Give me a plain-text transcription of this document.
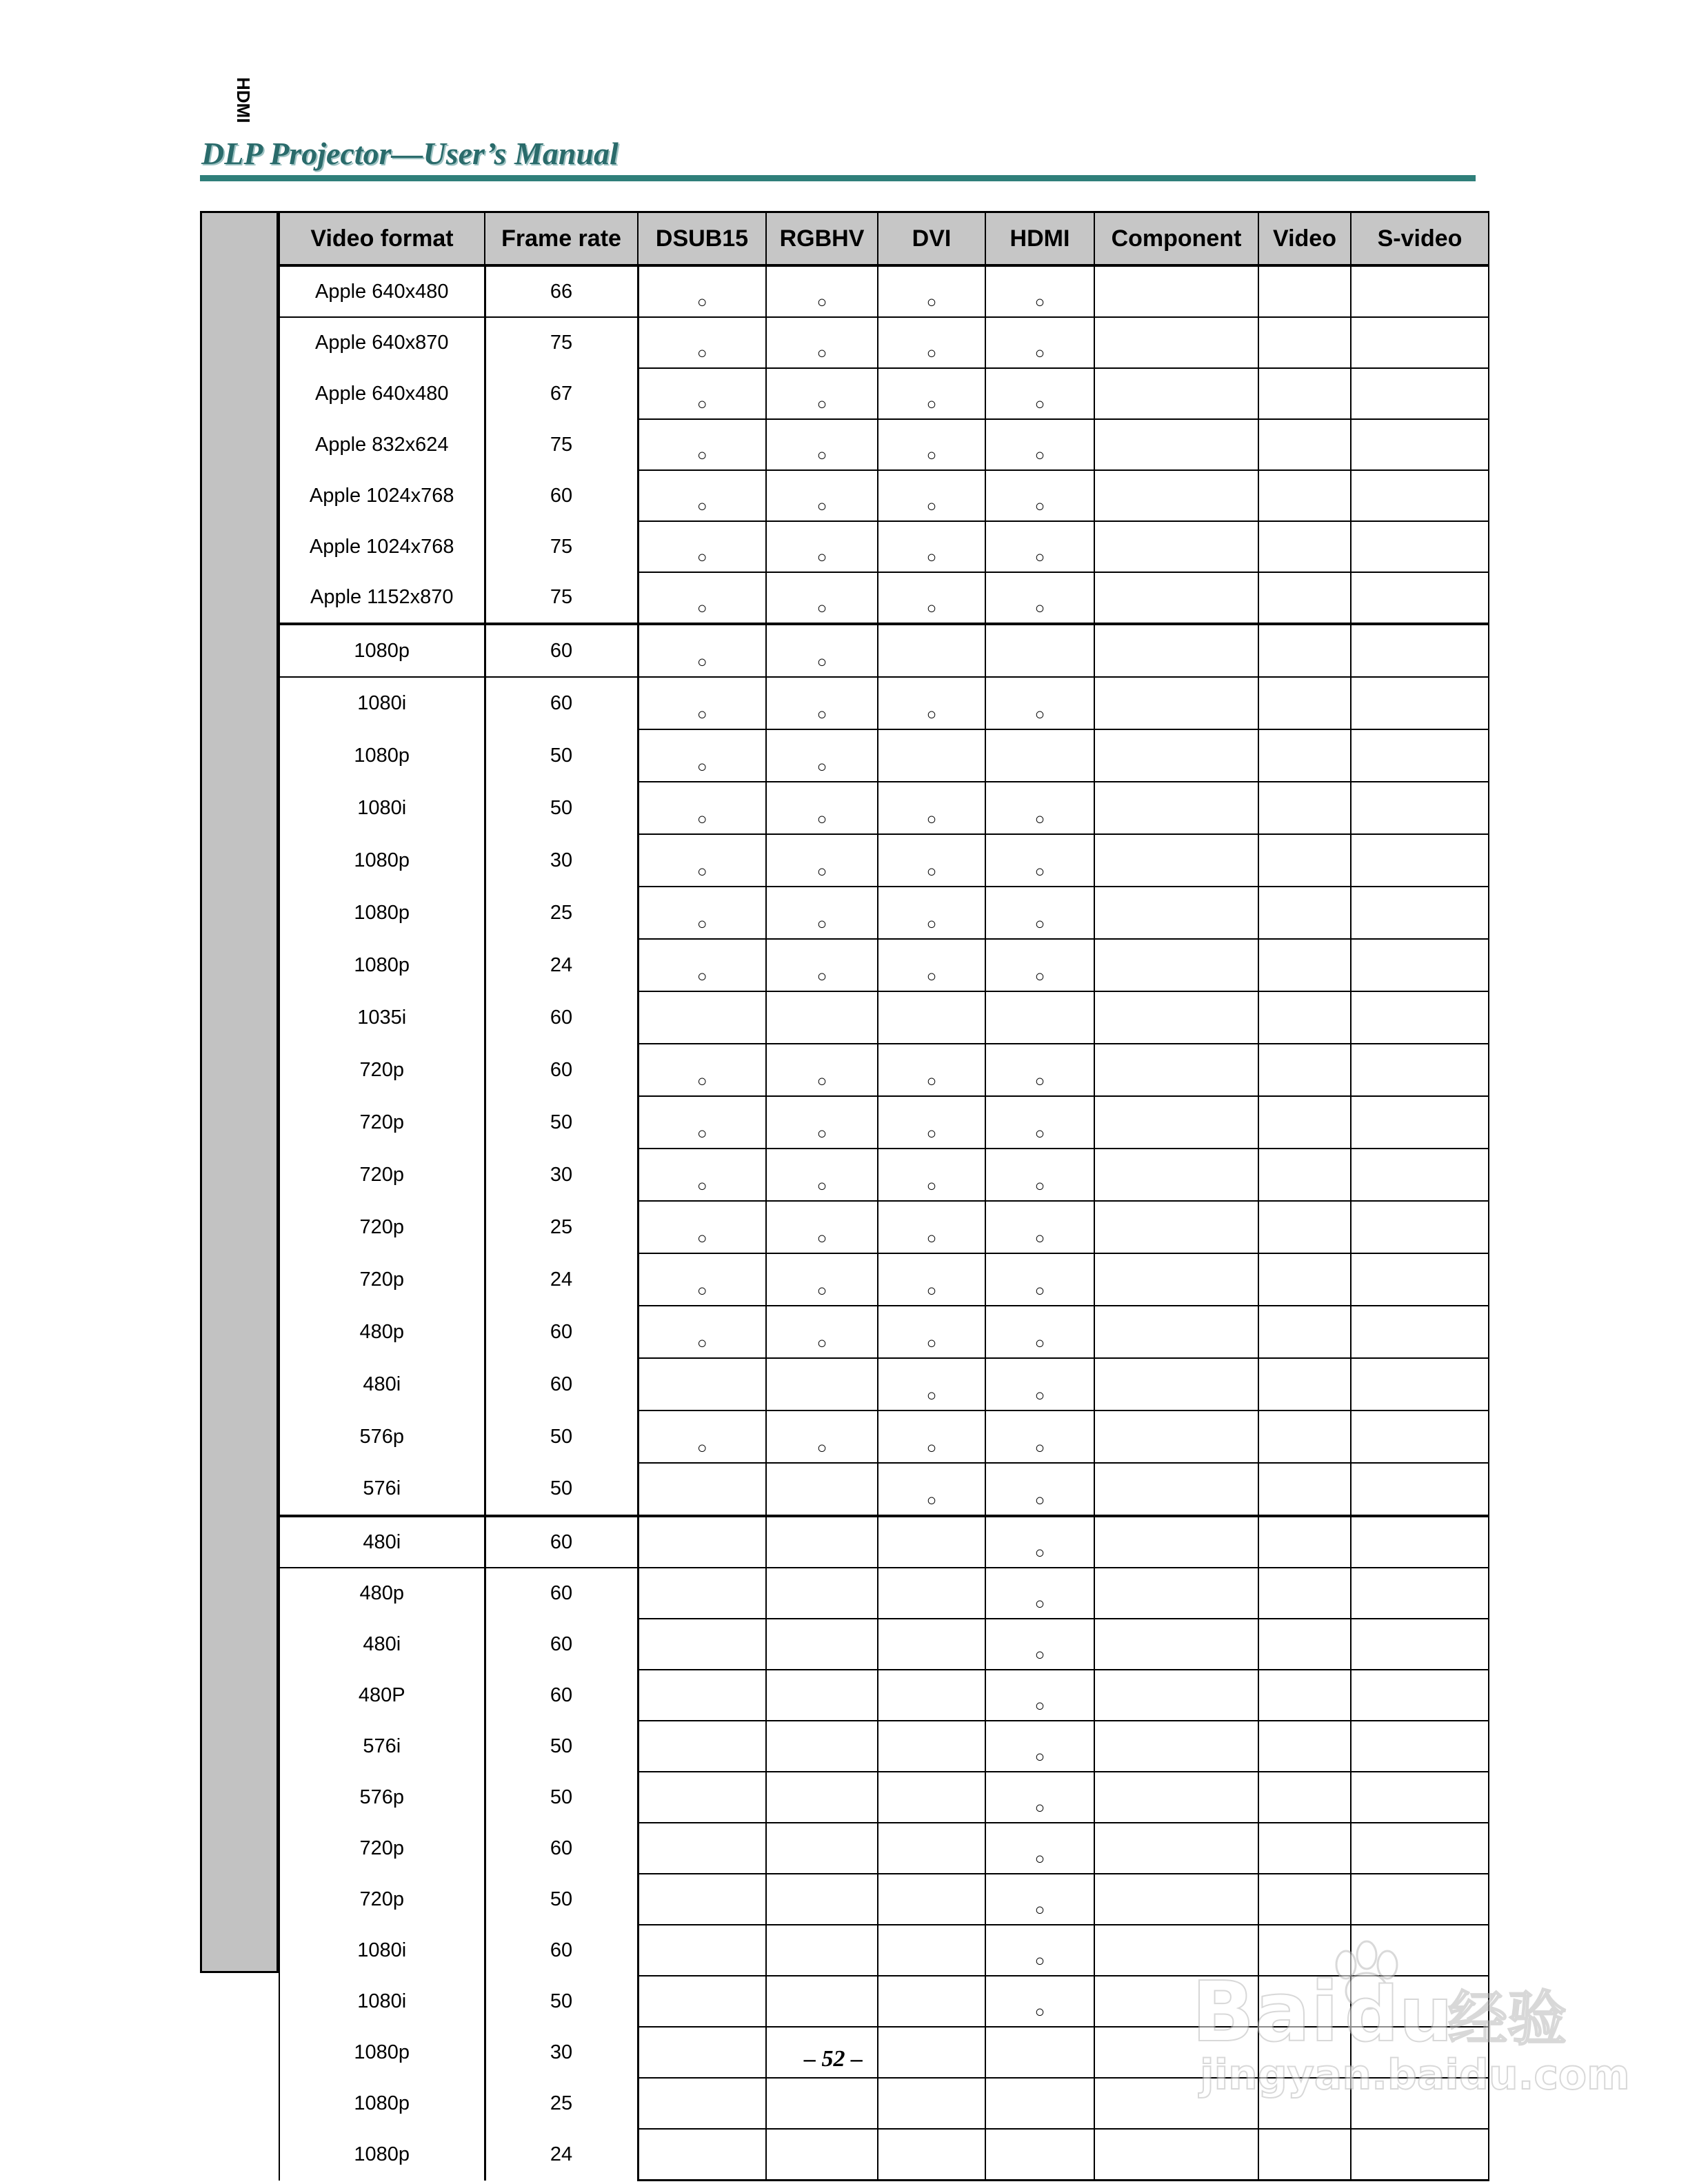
HDMI
DLP Projector—User’s Manual
Video format	Frame rate	DSUB15	RGBHV	DVI	HDMI	Component	Video	S-video
Apple 640x480	66	○	○	○	○			
Apple 640x870	75	○	○	○	○			
Apple 640x480	67	○	○	○	○			
Apple 832x624	75	○	○	○	○			
Apple 1024x768	60	○	○	○	○			
Apple 1024x768	75	○	○	○	○			
Apple 1152x870	75	○	○	○	○			
1080p	60	○	○					
1080i	60	○	○	○	○			
1080p	50	○	○					
1080i	50	○	○	○	○			
1080p	30	○	○	○	○			
1080p	25	○	○	○	○			
1080p	24	○	○	○	○			
1035i	60							
720p	60	○	○	○	○			
720p	50	○	○	○	○			
720p	30	○	○	○	○			
720p	25	○	○	○	○			
720p	24	○	○	○	○			
480p	60	○	○	○	○			
480i	60			○	○			
576p	50	○	○	○	○			
576i	50			○	○			
480i	60				○			
480p	60				○			
480i	60				○			
480P	60				○			
576i	50				○			
576p	50				○			
720p	60				○			
720p	50				○			
1080i	60				○			
1080i	50				○			
1080p	30							
1080p	25							
1080p	24							
– 52 –	Bai du
经验
jingyan.baidu.com
